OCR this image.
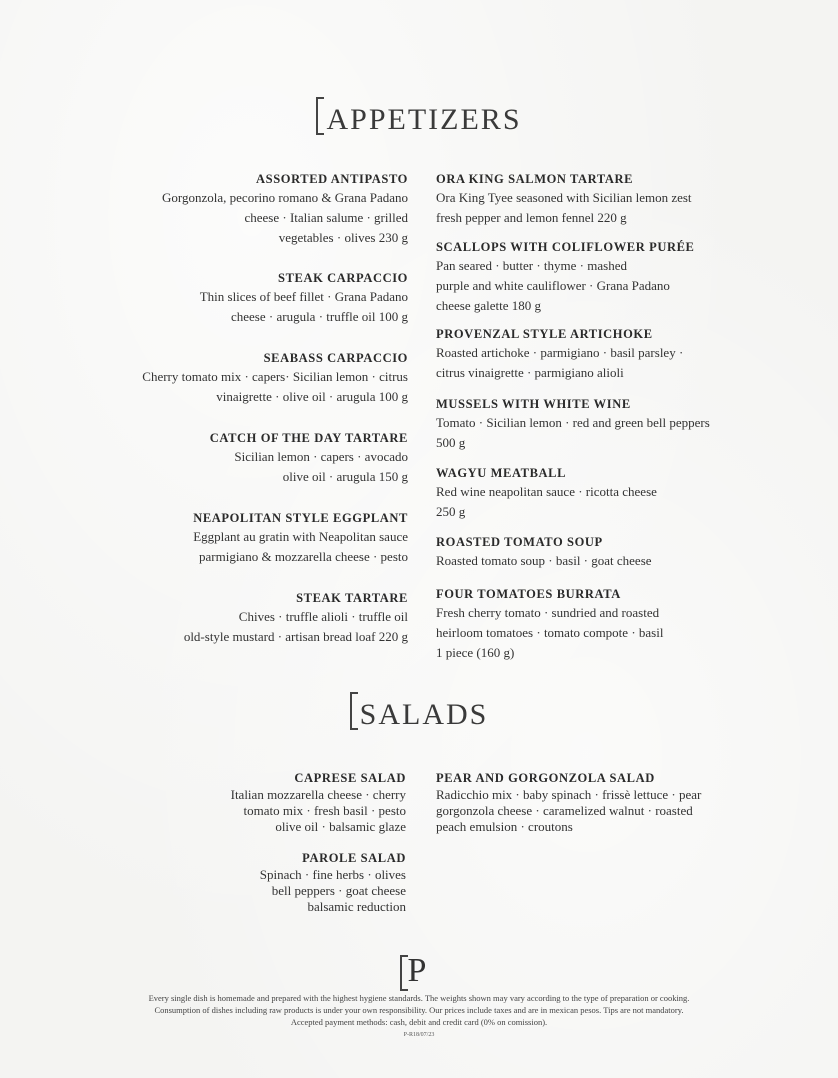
APPETIZERS
SALADS
ASSORTED ANTIPASTO
Gorgonzola, pecorino romano & Grana Padano
cheese · Italian salume · grilled
vegetables · olives 230 g
STEAK CARPACCIO
Thin slices of beef fillet · Grana Padano
cheese · arugula · truffle oil 100 g
SEABASS CARPACCIO
Cherry tomato mix · capers· Sicilian lemon · citrus
vinaigrette · olive oil · arugula 100 g
CATCH OF THE DAY TARTARE
Sicilian lemon · capers · avocado
olive oil · arugula 150 g
NEAPOLITAN STYLE EGGPLANT
Eggplant au gratin with Neapolitan sauce
parmigiano & mozzarella cheese · pesto
STEAK TARTARE
Chives · truffle alioli · truffle oil
old-style mustard · artisan bread loaf 220 g
ORA KING SALMON TARTARE
Ora King Tyee seasoned with Sicilian lemon zest
fresh pepper and lemon fennel 220 g
SCALLOPS WITH COLIFLOWER PURÉE
Pan seared · butter · thyme · mashed
purple and white cauliflower · Grana Padano
cheese galette 180 g
PROVENZAL STYLE ARTICHOKE
Roasted artichoke · parmigiano · basil parsley ·
citrus vinaigrette · parmigiano alioli
MUSSELS WITH WHITE WINE
Tomato · Sicilian lemon · red and green bell peppers
500 g
WAGYU MEATBALL
Red wine neapolitan sauce · ricotta cheese
250 g
ROASTED TOMATO SOUP
Roasted tomato soup · basil · goat cheese
FOUR TOMATOES BURRATA
Fresh cherry tomato · sundried and roasted
heirloom tomatoes · tomato compote · basil
1 piece (160 g)
CAPRESE SALAD
Italian mozzarella cheese · cherry
tomato mix · fresh basil · pesto
olive oil · balsamic glaze
PAROLE SALAD
Spinach · fine herbs · olives
bell peppers · goat cheese
balsamic reduction
PEAR AND GORGONZOLA SALAD
Radicchio mix · baby spinach · frissè lettuce · pear
gorgonzola cheese · caramelized walnut · roasted
peach emulsion · croutons
P
Every single dish is homemade and prepared with the highest hygiene standards. The weights shown may vary according to the type of preparation or cooking.
Consumption of dishes including raw products is under your own responsibility. Our prices include taxes and are in mexican pesos. Tips are not mandatory.
Accepted payment methods: cash, debit and credit card (0% on comission).
P-R18/07/23
